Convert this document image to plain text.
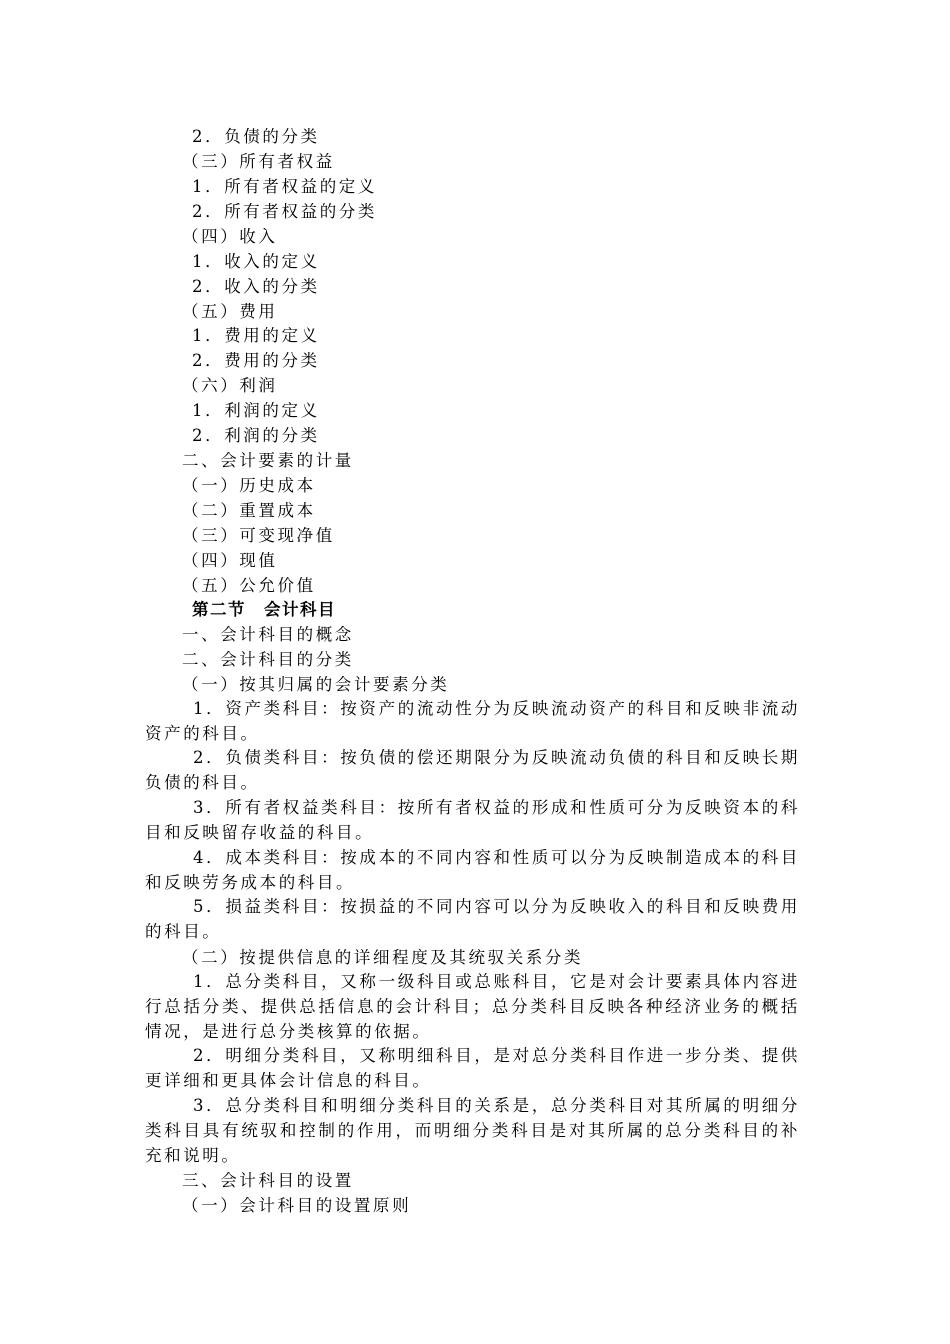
2．负债的分类
（三）所有者权益
1．所有者权益的定义
2．所有者权益的分类
（四）收入
1．收入的定义
2．收入的分类
（五）费用
1．费用的定义
2．费用的分类
（六）利润
1．利润的定义
2．利润的分类
二、会计要素的计量
（一）历史成本
（二）重置成本
（三）可变现净值
（四）现值
（五）公允价值
第二节　会计科目
一、会计科目的概念
二、会计科目的分类
（一）按其归属的会计要素分类
1．资产类科目：按资产的流动性分为反映流动资产的科目和反映非流动资产的科目。
2．负债类科目：按负债的偿还期限分为反映流动负债的科目和反映长期负债的科目。
3．所有者权益类科目：按所有者权益的形成和性质可分为反映资本的科目和反映留存收益的科目。
4．成本类科目：按成本的不同内容和性质可以分为反映制造成本的科目和反映劳务成本的科目。
5．损益类科目：按损益的不同内容可以分为反映收入的科目和反映费用的科目。
（二）按提供信息的详细程度及其统驭关系分类
1．总分类科目，又称一级科目或总账科目，它是对会计要素具体内容进行总括分类、提供总括信息的会计科目；总分类科目反映各种经济业务的概括情况，是进行总分类核算的依据。
2．明细分类科目，又称明细科目，是对总分类科目作进一步分类、提供更详细和更具体会计信息的科目。
3．总分类科目和明细分类科目的关系是，总分类科目对其所属的明细分类科目具有统驭和控制的作用，而明细分类科目是对其所属的总分类科目的补充和说明。
三、会计科目的设置
（一）会计科目的设置原则
